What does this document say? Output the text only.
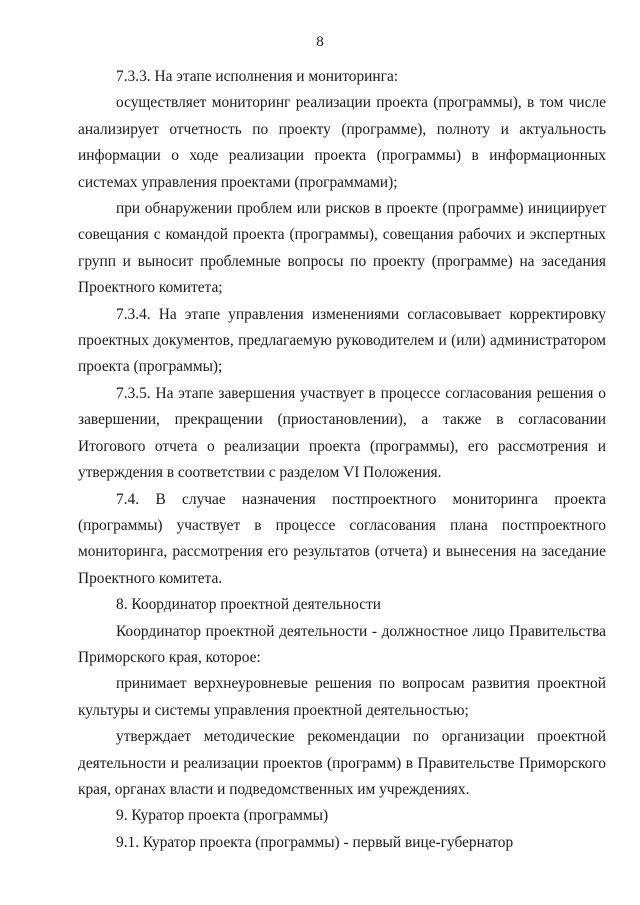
8

7.3.3. На этапе исполнения и мониторинга:

осуществляет мониторинг реализации проекта (программы), в том числе анализирует отчетность по проекту (программе), полноту и актуальность информации о ходе реализации проекта (программы) в информационных системах управления проектами (программами);

при обнаружении проблем или рисков в проекте (программе) инициирует совещания с командой проекта (программы), совещания рабочих и экспертных групп и выносит проблемные вопросы по проекту (программе) на заседания Проектного комитета;

7.3.4. На этапе управления изменениями согласовывает корректировку проектных документов, предлагаемую руководителем и (или) администратором проекта (программы);

7.3.5. На этапе завершения участвует в процессе согласования решения о завершении, прекращении (приостановлении), а также в согласовании Итогового отчета о реализации проекта (программы), его рассмотрения и утверждения в соответствии с разделом VI Положения.

7.4. В случае назначения постпроектного мониторинга проекта (программы) участвует в процессе согласования плана постпроектного мониторинга, рассмотрения его результатов (отчета) и вынесения на заседание Проектного комитета.

8. Координатор проектной деятельности

Координатор проектной деятельности - должностное лицо Правительства Приморского края, которое:

принимает верхнеуровневые решения по вопросам развития проектной культуры и системы управления проектной деятельностью;

утверждает методические рекомендации по организации проектной деятельности и реализации проектов (программ) в Правительстве Приморского края, органах власти и подведомственных им учреждениях.

9. Куратор проекта (программы)

9.1. Куратор проекта (программы) - первый вице-губернатор
